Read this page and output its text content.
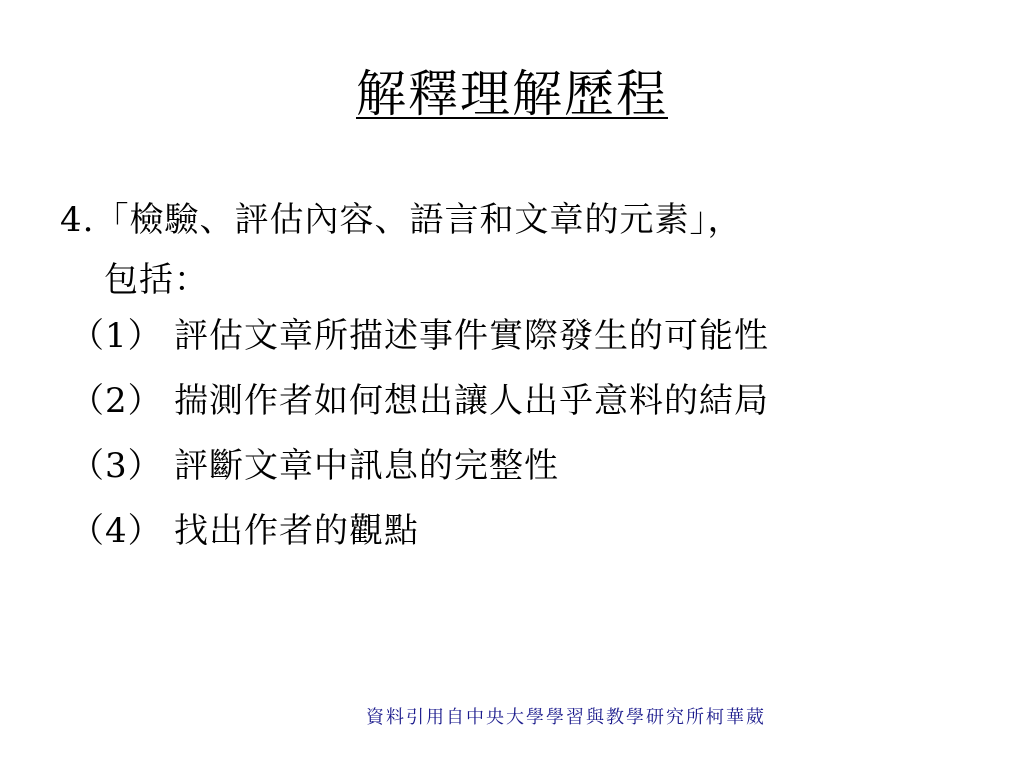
解釋理解歷程
4.「檢驗、評估內容、語言和文章的元素」，
包括：
（1） 評估文章所描述事件實際發生的可能性
（2） 揣測作者如何想出讓人出乎意料的結局
（3） 評斷文章中訊息的完整性
（4） 找出作者的觀點
資料引用自中央大學學習與教學研究所柯華葳
